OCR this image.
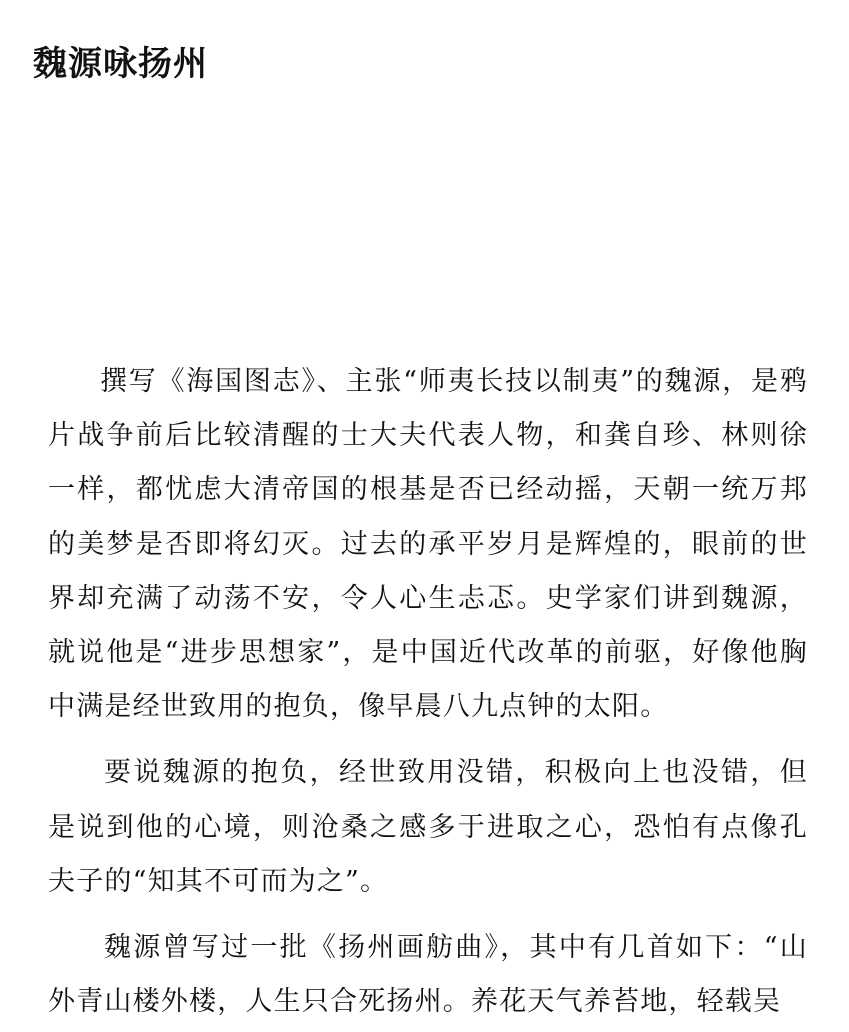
魏源咏扬州

撰写《海国图志》、主张“师夷长技以制夷”的魏源，是鸦片战争前后比较清醒的士大夫代表人物，和龚自珍、林则徐一样，都忧虑大清帝国的根基是否已经动摇，天朝一统万邦的美梦是否即将幻灭。过去的承平岁月是辉煌的，眼前的世界却充满了动荡不安，令人心生忐忑。史学家们讲到魏源，就说他是“进步思想家”，是中国近代改革的前驱，好像他胸中满是经世致用的抱负，像早晨八九点钟的太阳。

要说魏源的抱负，经世致用没错，积极向上也没错，但是说到他的心境，则沧桑之感多于进取之心，恐怕有点像孔夫子的“知其不可而为之”。

魏源曾写过一批《扬州画舫曲》，其中有几首如下：“山外青山楼外楼，人生只合死扬州。养花天气养苔地，轻载吴
